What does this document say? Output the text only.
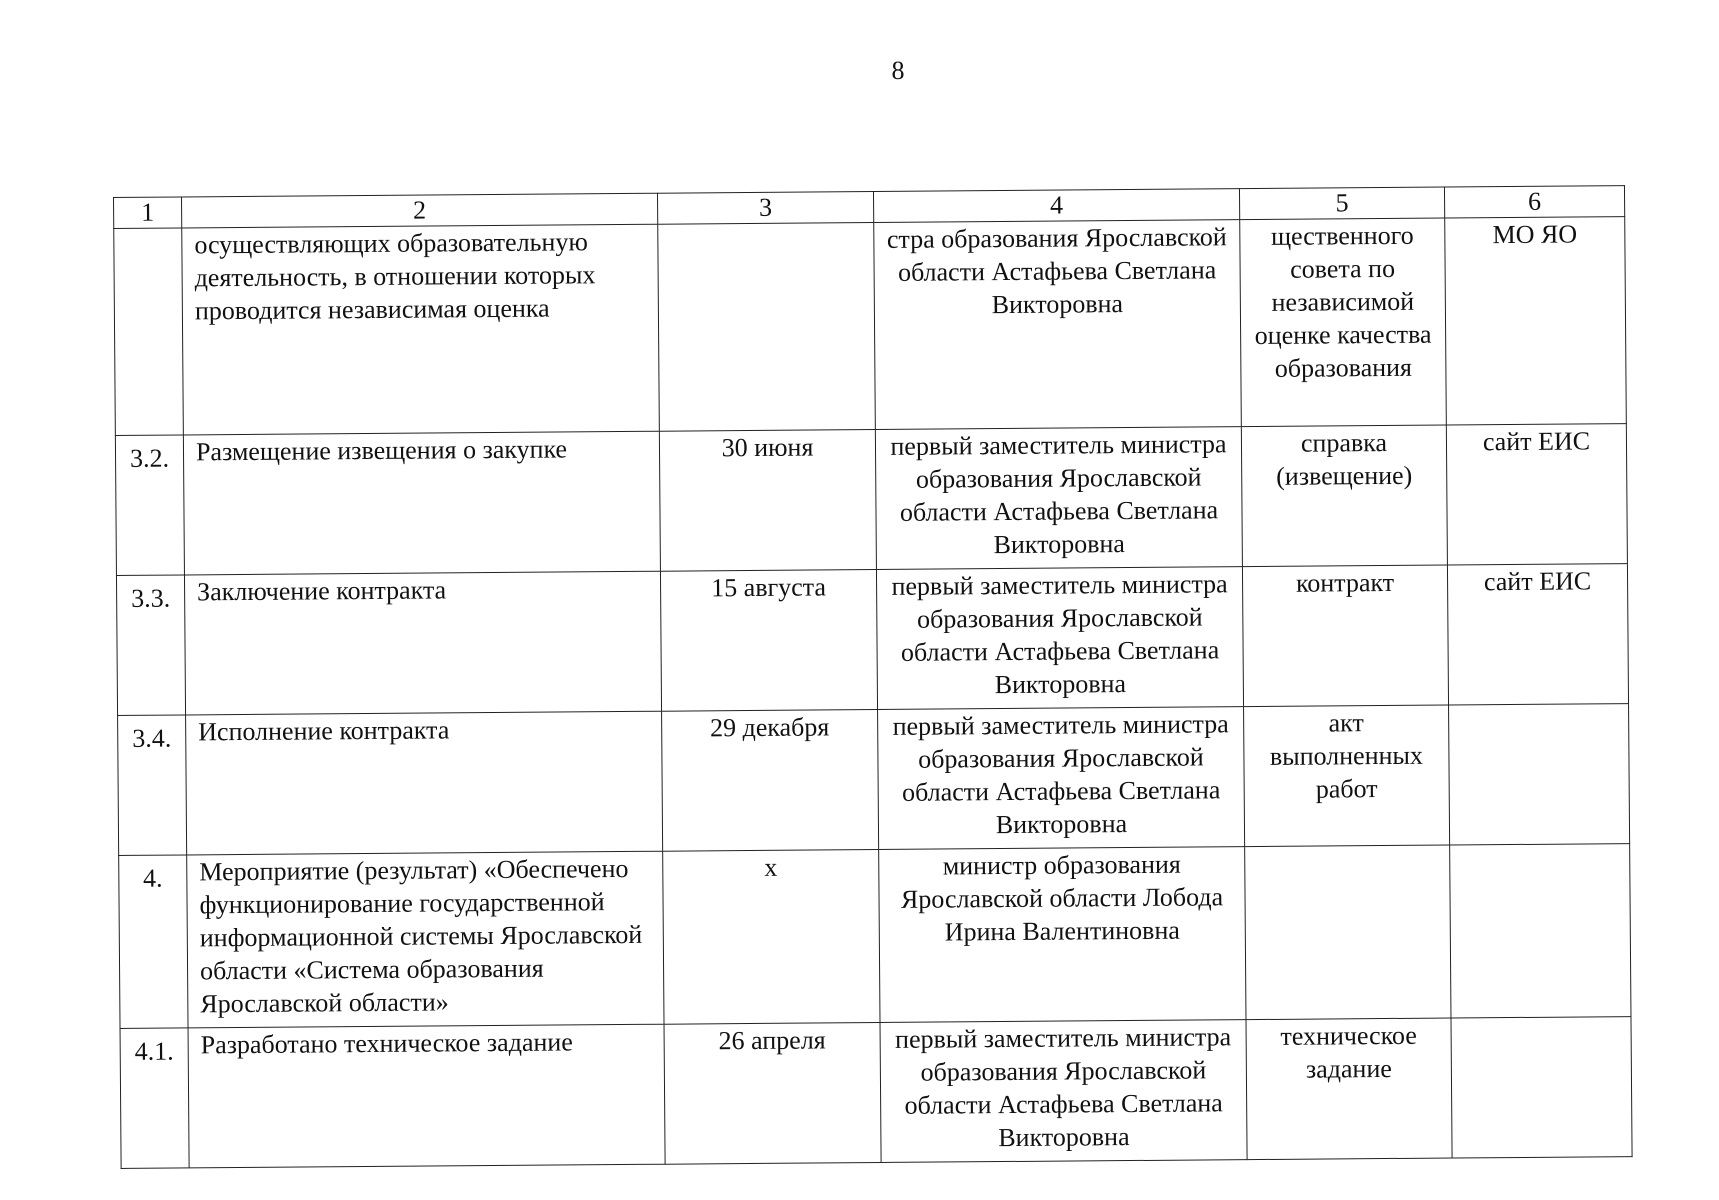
8
1	2	3	4	5	6
	осуществляющих образовательную деятельность, в отношении которых проводится независимая оценка		стра образования Ярославской области Астафьева Светлана Викторовна	щественного совета по независимой оценке качества образования	МО ЯО
3.2.	Размещение извещения о закупке	30 июня	первый заместитель министра образования Ярославской области Астафьева Светлана Викторовна	справка (извещение)	сайт ЕИС
3.3.	Заключение контракта	15 августа	первый заместитель министра образования Ярославской области Астафьева Светлана Викторовна	контракт	сайт ЕИС
3.4.	Исполнение контракта	29 декабря	первый заместитель министра образования Ярославской области Астафьева Светлана Викторовна	акт выполненных работ	
4.	Мероприятие (результат) «Обеспечено функционирование государственной информационной системы Ярославской области «Система образования Ярославской области»	х	министр образования Ярославской области Лобода Ирина Валентиновна		
4.1.	Разработано техническое задание	26 апреля	первый заместитель министра образования Ярославской области Астафьева Светлана Викторовна	техническое задание	
